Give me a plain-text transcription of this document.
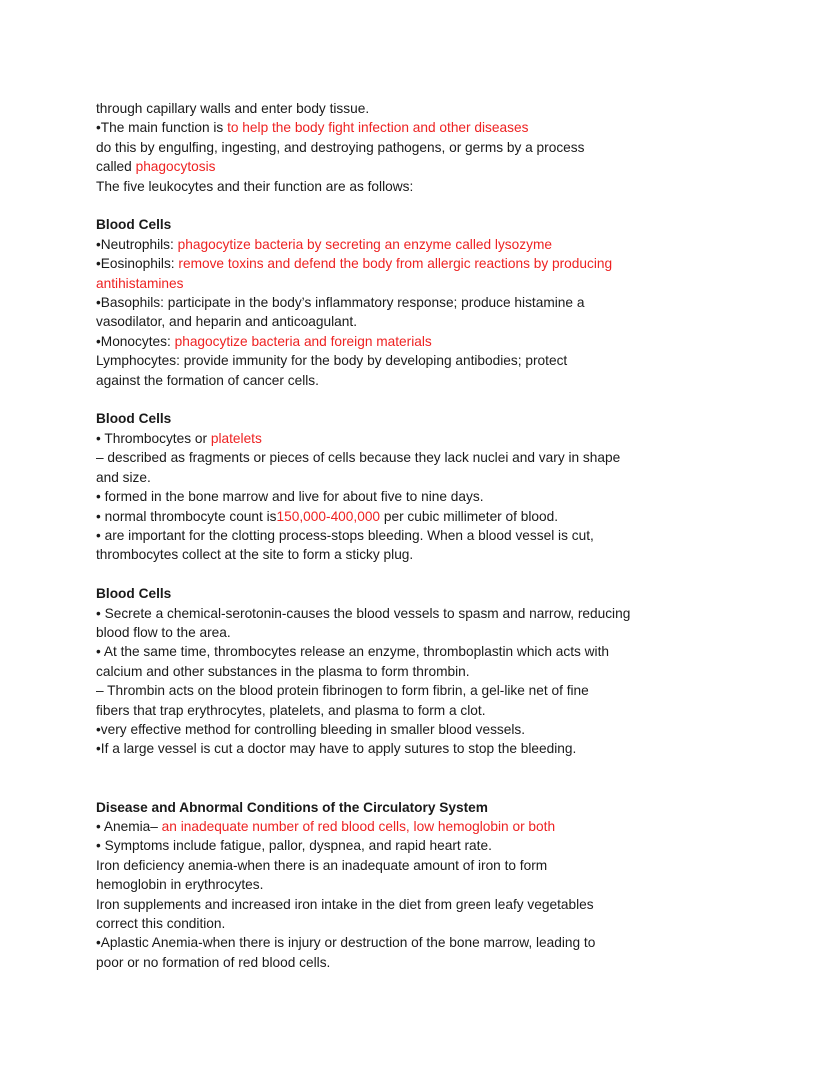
through capillary walls and enter body tissue.
•The main function is to help the body fight infection and other diseases
do this by engulfing, ingesting, and destroying pathogens, or germs by a process
called phagocytosis
The five leukocytes and their function are as follows:
Blood Cells
•Neutrophils: phagocytize bacteria by secreting an enzyme called lysozyme
•Eosinophils: remove toxins and defend the body from allergic reactions by producing
antihistamines
•Basophils: participate in the body’s inflammatory response; produce histamine a
vasodilator, and heparin and anticoagulant.
•Monocytes: phagocytize bacteria and foreign materials
Lymphocytes: provide immunity for the body by developing antibodies; protect
against the formation of cancer cells.
Blood Cells
• Thrombocytes or platelets
– described as fragments or pieces of cells because they lack nuclei and vary in shape
and size.
• formed in the bone marrow and live for about five to nine days.
• normal thrombocyte count is150,000-400,000 per cubic millimeter of blood.
• are important for the clotting process-stops bleeding. When a blood vessel is cut,
thrombocytes collect at the site to form a sticky plug.
Blood Cells
• Secrete a chemical-serotonin-causes the blood vessels to spasm and narrow, reducing
blood flow to the area.
• At the same time, thrombocytes release an enzyme, thromboplastin which acts with
calcium and other substances in the plasma to form thrombin.
– Thrombin acts on the blood protein fibrinogen to form fibrin, a gel-like net of fine
fibers that trap erythrocytes, platelets, and plasma to form a clot.
•very effective method for controlling bleeding in smaller blood vessels.
•If a large vessel is cut a doctor may have to apply sutures to stop the bleeding.
Disease and Abnormal Conditions of the Circulatory System
• Anemia– an inadequate number of red blood cells, low hemoglobin or both
• Symptoms include fatigue, pallor, dyspnea, and rapid heart rate.
Iron deficiency anemia-when there is an inadequate amount of iron to form
hemoglobin in erythrocytes.
Iron supplements and increased iron intake in the diet from green leafy vegetables
correct this condition.
•Aplastic Anemia-when there is injury or destruction of the bone marrow, leading to
poor or no formation of red blood cells.
